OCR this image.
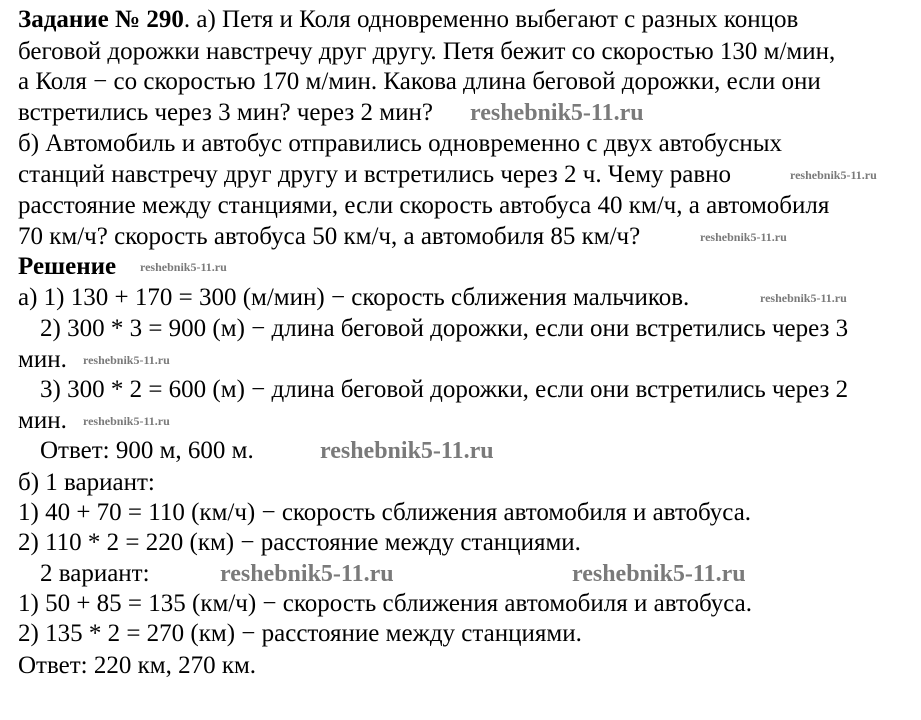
Задание № 290. а) Петя и Коля одновременно выбегают с разных концов
беговой дорожки навстречу друг другу. Петя бежит со скоростью 130 м/мин,
а Коля − со скоростью 170 м/мин. Какова длина беговой дорожки, если они
встретились через 3 мин? через 2 мин?
б) Автомобиль и автобус отправились одновременно с двух автобусных
станций навстречу друг другу и встретились через 2 ч. Чему равно
расстояние между станциями, если скорость автобуса 40 км/ч, а автомобиля
70 км/ч? скорость автобуса 50 км/ч, а автомобиля 85 км/ч?
Решение
а) 1) 130 + 170 = 300 (м/мин) − скорость сближения мальчиков.
2) 300 * 3 = 900 (м) − длина беговой дорожки, если они встретились через 3
мин.
3) 300 * 2 = 600 (м) − длина беговой дорожки, если они встретились через 2
мин.
Ответ: 900 м, 600 м.
б) 1 вариант:
1) 40 + 70 = 110 (км/ч) − скорость сближения автомобиля и автобуса.
2) 110 * 2 = 220 (км) − расстояние между станциями.
2 вариант:
1) 50 + 85 = 135 (км/ч) − скорость сближения автомобиля и автобуса.
2) 135 * 2 = 270 (км) − расстояние между станциями.
Ответ: 220 км, 270 км.
reshebnik5-11.ru
reshebnik5-11.ru
reshebnik5-11.ru
reshebnik5-11.ru
reshebnik5-11.ru
reshebnik5-11.ru
reshebnik5-11.ru
reshebnik5-11.ru
reshebnik5-11.ru	reshebnik5-11.ru
